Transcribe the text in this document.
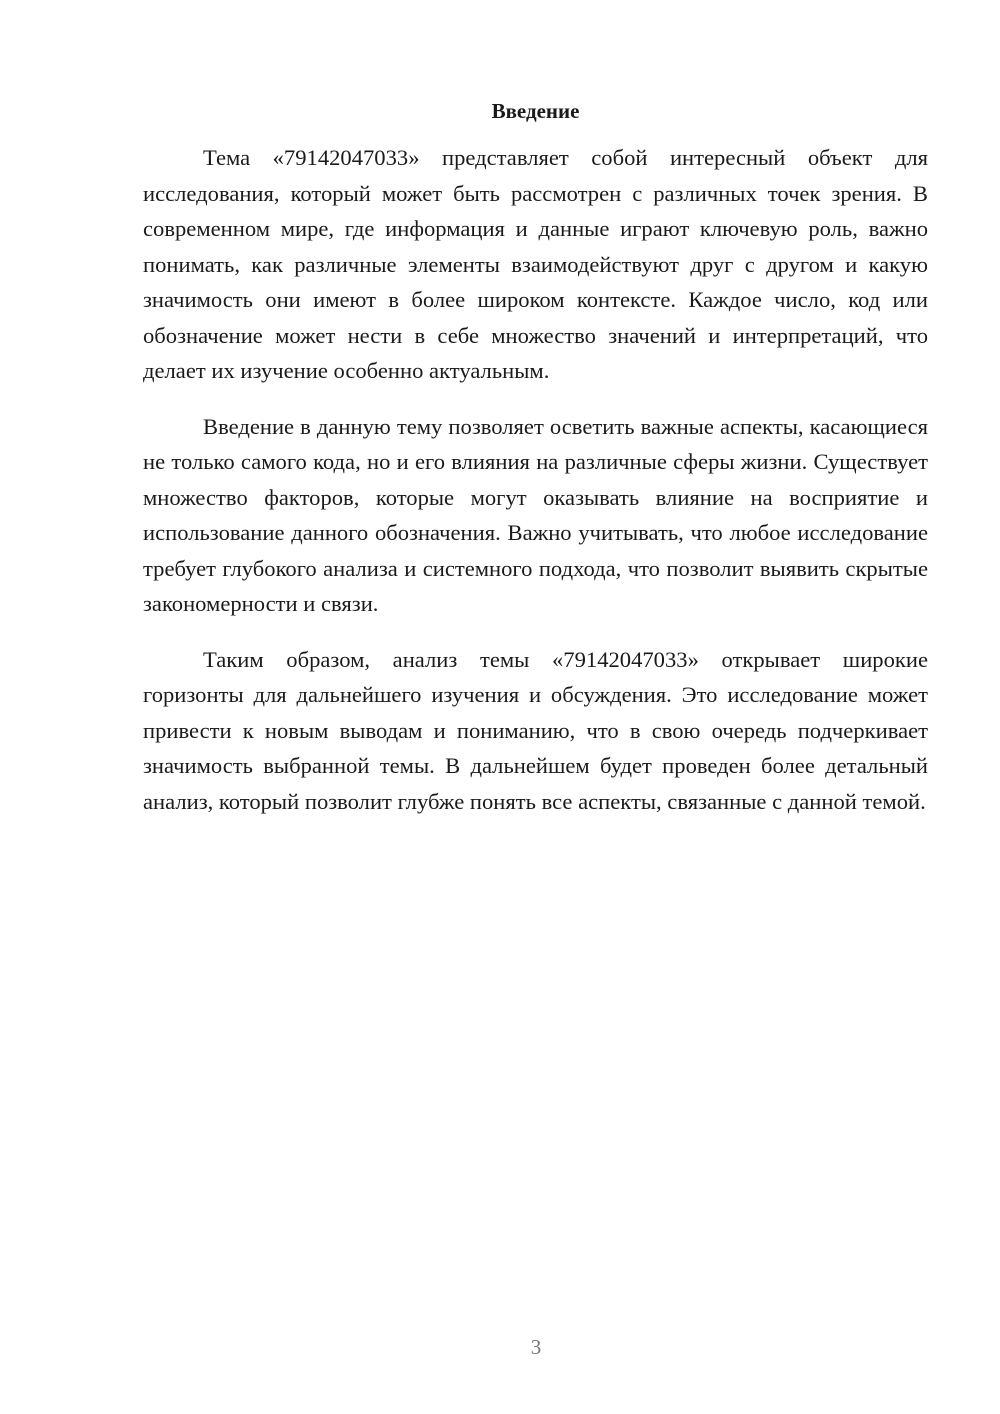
Введение

Тема «79142047033» представляет собой интересный объект для исследования, который может быть рассмотрен с различных точек зрения. В современном мире, где информация и данные играют ключевую роль, важно понимать, как различные элементы взаимодействуют друг с другом и какую значимость они имеют в более широком контексте. Каждое число, код или обозначение может нести в себе множество значений и интерпретаций, что делает их изучение особенно актуальным.

Введение в данную тему позволяет осветить важные аспекты, касающиеся не только самого кода, но и его влияния на различные сферы жизни. Существует множество факторов, которые могут оказывать влияние на восприятие и использование данного обозначения. Важно учитывать, что любое исследование требует глубокого анализа и системного подхода, что позволит выявить скрытые закономерности и связи.

Таким образом, анализ темы «79142047033» открывает широкие горизонты для дальнейшего изучения и обсуждения. Это исследование может привести к новым выводам и пониманию, что в свою очередь подчеркивает значимость выбранной темы. В дальнейшем будет проведен более детальный анализ, который позволит глубже понять все аспекты, связанные с данной темой.

3
